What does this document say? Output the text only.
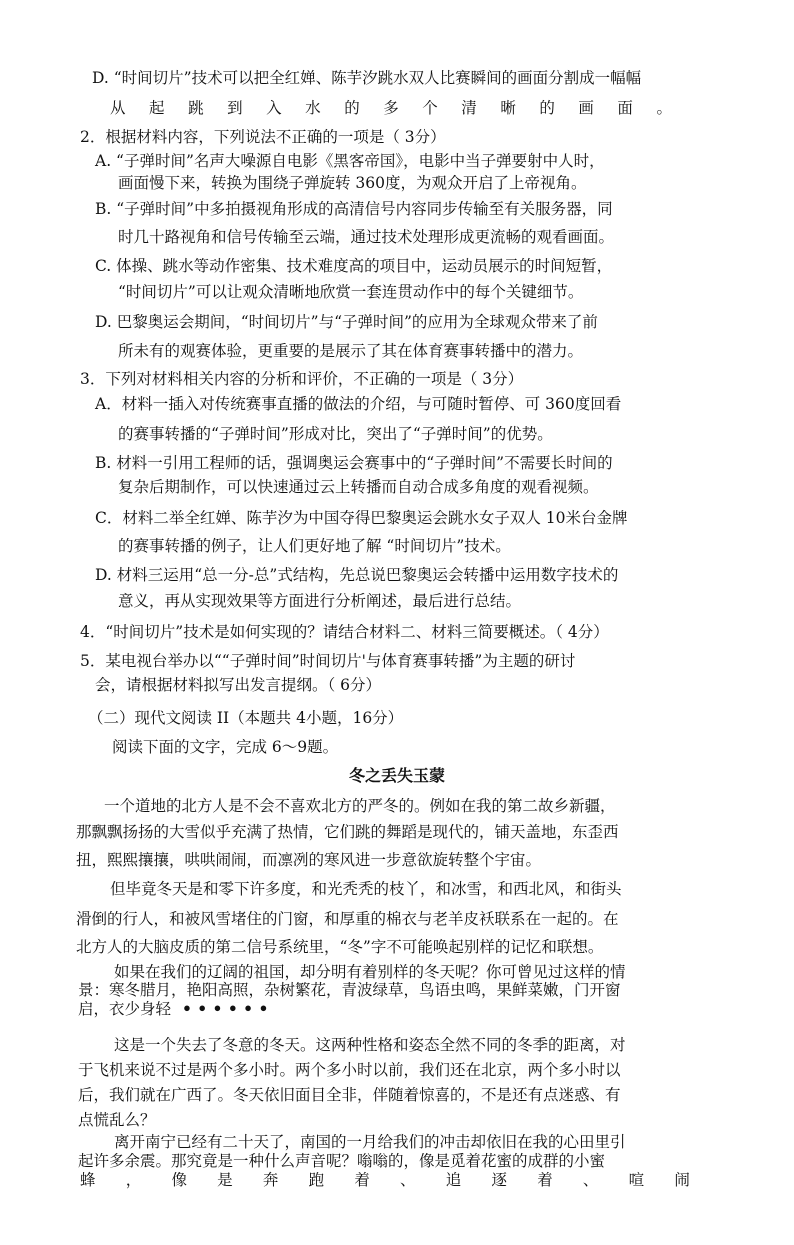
D. “时间切片”技术可以把全红婵、陈芋汐跳水双人比赛瞬间的画面分割成一幅幅
从 起 跳 到 入 水 的 多 个 清 晰 的 画 面 。
2．根据材料内容，下列说法不正确的一项是（ 3分）
A. “子弹时间”名声大噪源自电影《黑客帝国》，电影中当子弹要射中人时，
画面慢下来，转换为围绕子弹旋转 360度，为观众开启了上帝视角。
B. “子弹时间”中多拍摄视角形成的高清信号内容同步传输至有关服务器，同
时几十路视角和信号传输至云端，通过技术处理形成更流畅的观看画面。
C. 体操、跳水等动作密集、技术难度高的项目中，运动员展示的时间短暂，
“时间切片”可以让观众清晰地欣赏一套连贯动作中的每个关键细节。
D. 巴黎奥运会期间，“时间切片”与“子弹时间”的应用为全球观众带来了前
所未有的观赛体验，更重要的是展示了其在体育赛事转播中的潜力。
3．下列对材料相关内容的分析和评价，不正确的一项是（ 3分）
A．材料一插入对传统赛事直播的做法的介绍，与可随时暂停、可 360度回看
的赛事转播的“子弹时间”形成对比，突出了“子弹时间”的优势。
B. 材料一引用工程师的话，强调奥运会赛事中的“子弹时间”不需要长时间的
复杂后期制作，可以快速通过云上转播而自动合成多角度的观看视频。
C．材料二举全红婵、陈芋汐为中国夺得巴黎奥运会跳水女子双人 10米台金牌
的赛事转播的例子，让人们更好地了解 “时间切片”技术。
D. 材料三运用“总一分-总”式结构，先总说巴黎奥运会转播中运用数字技术的
意义，再从实现效果等方面进行分析阐述，最后进行总结。
4．“时间切片”技术是如何实现的？请结合材料二、材料三简要概述。（ 4分）
5．某电视台举办以““子弹时间”时间切片'与体育赛事转播”为主题的研讨
会，请根据材料拟写出发言提纲。（ 6分）
（二）现代文阅读 II（本题共 4小题，16分）
阅读下面的文字，完成 6～9题。
冬之丢失玉蒙
一个道地的北方人是不会不喜欢北方的严冬的。例如在我的第二故乡新疆，
那飘飘扬扬的大雪似乎充满了热情，它们跳的舞蹈是现代的，铺天盖地，东歪西
扭，熙熙攘攘，哄哄闹闹，而凛冽的寒风进一步意欲旋转整个宇宙。
但毕竟冬天是和零下许多度，和光秃秃的枝丫，和冰雪，和西北风，和街头
滑倒的行人，和被风雪堵住的门窗，和厚重的棉衣与老羊皮袄联系在一起的。在
北方人的大脑皮质的第二信号系统里，“冬”字不可能唤起别样的记忆和联想。
如果在我们的辽阔的祖国，却分明有着别样的冬天呢？你可曾见过这样的情
景：寒冬腊月，艳阳高照，杂树繁花，青波绿草，鸟语虫鸣，果鲜菜嫩，门开窗
启，衣少身轻 • • • • • •
这是一个失去了冬意的冬天。这两种性格和姿态全然不同的冬季的距离，对
于飞机来说不过是两个多小时。两个多小时以前，我们还在北京，两个多小时以
后，我们就在广西了。冬天依旧面目全非，伴随着惊喜的，不是还有点迷惑、有
点慌乱么？
离开南宁已经有二十天了，南国的一月给我们的冲击却依旧在我的心田里引
起许多余震。那究竟是一种什么声音呢？嗡嗡的，像是觅着花蜜的成群的小蜜
蜂 ， 像 是 奔 跑 着 、 追 逐 着 、 喧 闹
